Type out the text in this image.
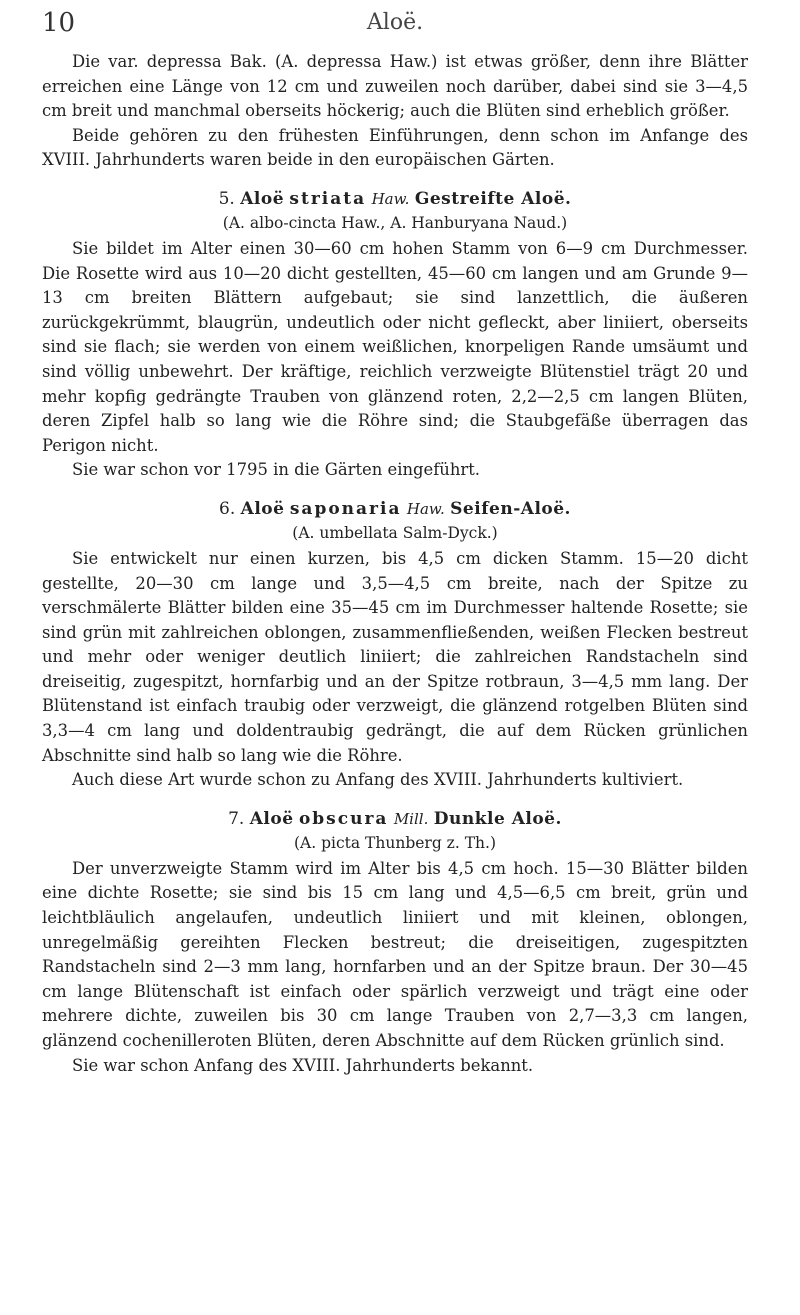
10	Aloë.

Die var. depressa Bak. (A. depressa Haw.) ist etwas größer, denn ihre Blätter erreichen eine Länge von 12 cm und zuweilen noch darüber, dabei sind sie 3—4,5 cm breit und manchmal oberseits höckerig; auch die Blüten sind erheblich größer.

Beide gehören zu den frühesten Einführungen, denn schon im Anfange des XVIII. Jahrhunderts waren beide in den europäischen Gärten.

5. Aloë striata Haw. Gestreifte Aloë.

(A. albo-cincta Haw., A. Hanburyana Naud.)

Sie bildet im Alter einen 30—60 cm hohen Stamm von 6—9 cm Durchmesser. Die Rosette wird aus 10—20 dicht gestellten, 45—60 cm langen und am Grunde 9—13 cm breiten Blättern aufgebaut; sie sind lanzettlich, die äußeren zurückgekrümmt, blaugrün, undeutlich oder nicht gefleckt, aber liniiert, oberseits sind sie flach; sie werden von einem weißlichen, knorpeligen Rande umsäumt und sind völlig unbewehrt. Der kräftige, reichlich verzweigte Blütenstiel trägt 20 und mehr kopfig gedrängte Trauben von glänzend roten, 2,2—2,5 cm langen Blüten, deren Zipfel halb so lang wie die Röhre sind; die Staubgefäße überragen das Perigon nicht.

Sie war schon vor 1795 in die Gärten eingeführt.

6. Aloë saponaria Haw. Seifen-Aloë.

(A. umbellata Salm-Dyck.)

Sie entwickelt nur einen kurzen, bis 4,5 cm dicken Stamm. 15—20 dicht gestellte, 20—30 cm lange und 3,5—4,5 cm breite, nach der Spitze zu verschmälerte Blätter bilden eine 35—45 cm im Durchmesser haltende Rosette; sie sind grün mit zahlreichen oblongen, zusammenfließenden, weißen Flecken bestreut und mehr oder weniger deutlich liniiert; die zahlreichen Randstacheln sind dreiseitig, zugespitzt, hornfarbig und an der Spitze rotbraun, 3—4,5 mm lang. Der Blütenstand ist einfach traubig oder verzweigt, die glänzend rotgelben Blüten sind 3,3—4 cm lang und doldentraubig gedrängt, die auf dem Rücken grünlichen Abschnitte sind halb so lang wie die Röhre.

Auch diese Art wurde schon zu Anfang des XVIII. Jahrhunderts kultiviert.

7. Aloë obscura Mill. Dunkle Aloë.

(A. picta Thunberg z. Th.)

Der unverzweigte Stamm wird im Alter bis 4,5 cm hoch. 15—30 Blätter bilden eine dichte Rosette; sie sind bis 15 cm lang und 4,5—6,5 cm breit, grün und leichtbläulich angelaufen, undeutlich liniiert und mit kleinen, oblongen, unregelmäßig gereihten Flecken bestreut; die dreiseitigen, zugespitzten Randstacheln sind 2—3 mm lang, hornfarben und an der Spitze braun. Der 30—45 cm lange Blütenschaft ist einfach oder spärlich verzweigt und trägt eine oder mehrere dichte, zuweilen bis 30 cm lange Trauben von 2,7—3,3 cm langen, glänzend cochenilleroten Blüten, deren Abschnitte auf dem Rücken grünlich sind.

Sie war schon Anfang des XVIII. Jahrhunderts bekannt.
